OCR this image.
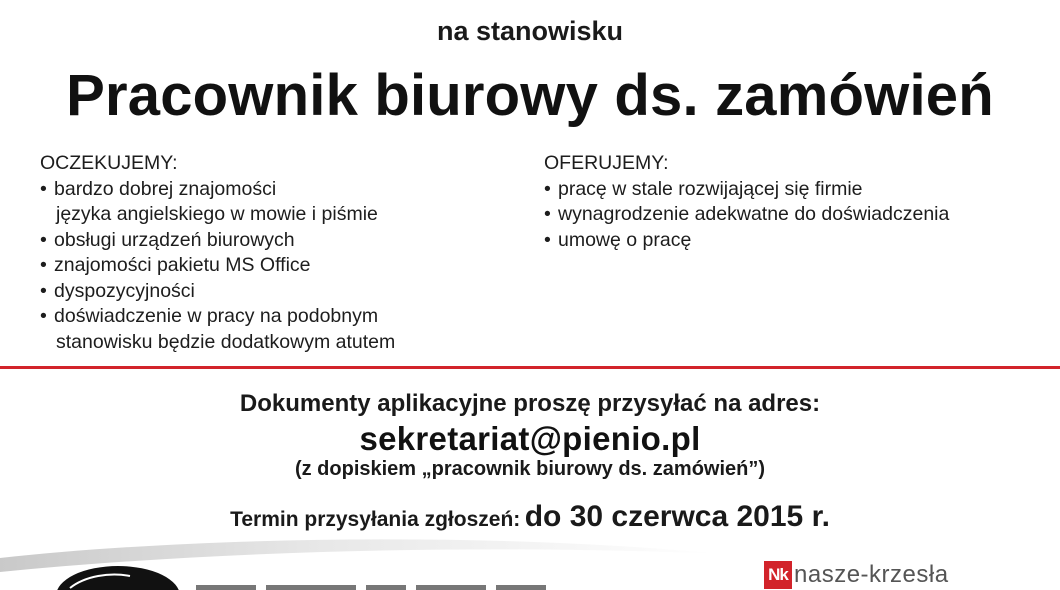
na stanowisku
Pracownik biurowy ds. zamówień
OCZEKUJEMY:
• bardzo dobrej znajomości
języka angielskiego w mowie i piśmie
• obsługi urządzeń biurowych
• znajomości pakietu MS Office
• dyspozycyjności
• doświadczenie w pracy na podobnym
stanowisku będzie dodatkowym atutem
OFERUJEMY:
• pracę w stale rozwijającej się firmie
• wynagrodzenie adekwatne do doświadczenia
• umowę o pracę
Dokumenty aplikacyjne proszę przysyłać na adres:
sekretariat@pienio.pl
(z dopiskiem „pracownik biurowy ds. zamówień”)
Termin przysyłania zgłoszeń: do 30 czerwca 2015 r.
Nk nasze-krzesła
